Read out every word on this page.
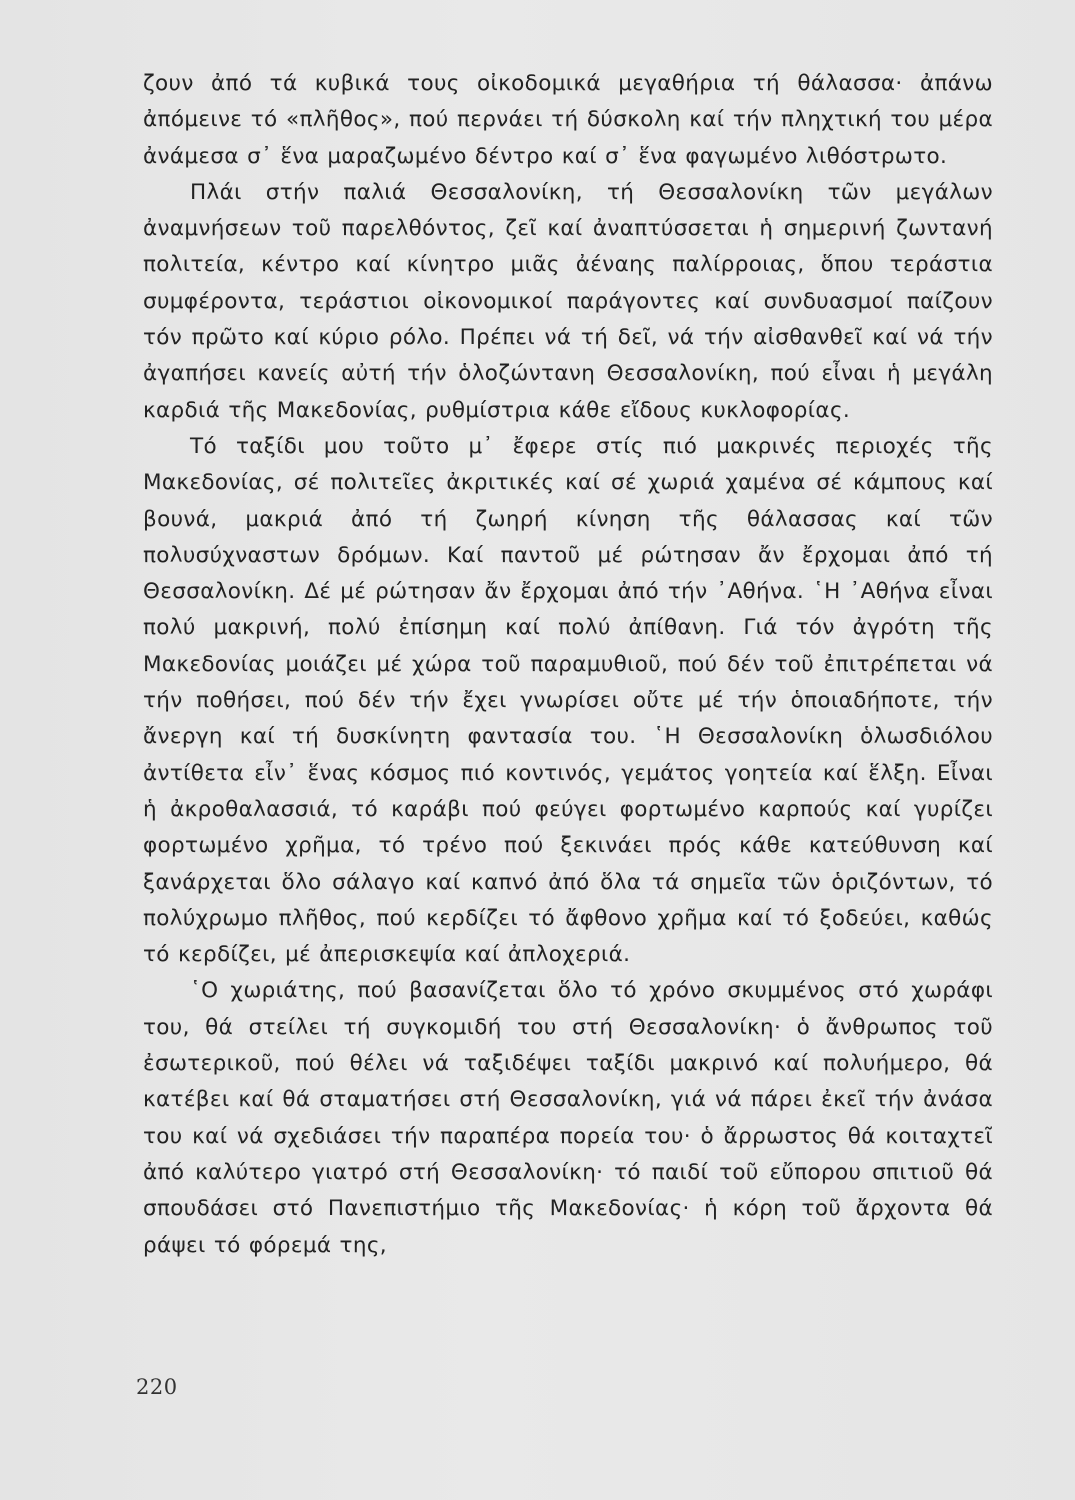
ζουν ἀπό τά κυβικά τους οἰκοδομικά μεγαθήρια τή θάλασσα· ἀπάνω ἀπόμεινε τό «πλῆθος», πού περνάει τή δύσκολη καί τήν πληχτική του μέρα ἀνάμεσα σ᾽ ἕνα μαραζωμένο δέντρο καί σ᾽ ἕνα φαγωμένο λιθόστρωτο.

Πλάι στήν παλιά Θεσσαλονίκη, τή Θεσσαλονίκη τῶν μεγάλων ἀναμνήσεων τοῦ παρελθόντος, ζεῖ καί ἀναπτύσσεται ἡ σημερινή ζωντανή πολιτεία, κέντρο καί κίνητρο μιᾶς ἀέναης παλίρροιας, ὅπου τεράστια συμφέροντα, τεράστιοι οἰκονομικοί παράγοντες καί συνδυασμοί παίζουν τόν πρῶτο καί κύριο ρόλο. Πρέπει νά τή δεῖ, νά τήν αἰσθανθεῖ καί νά τήν ἀγαπήσει κανείς αὐτή τήν ὁλοζώντανη Θεσσαλονίκη, πού εἶναι ἡ μεγάλη καρδιά τῆς Μακεδονίας, ρυθμίστρια κάθε εἴδους κυκλοφορίας.

Τό ταξίδι μου τοῦτο μ᾽ ἔφερε στίς πιό μακρινές περιοχές τῆς Μακεδονίας, σέ πολιτεῖες ἀκριτικές καί σέ χωριά χαμένα σέ κάμπους καί βουνά, μακριά ἀπό τή ζωηρή κίνηση τῆς θάλασσας καί τῶν πολυσύχναστων δρόμων. Καί παντοῦ μέ ρώτησαν ἄν ἔρχομαι ἀπό τή Θεσσαλονίκη. Δέ μέ ρώτησαν ἄν ἔρχομαι ἀπό τήν ᾽Αθήνα. ῾Η ᾽Αθήνα εἶναι πολύ μακρινή, πολύ ἐπίσημη καί πολύ ἀπίθανη. Γιά τόν ἀγρότη τῆς Μακεδονίας μοιάζει μέ χώρα τοῦ παραμυθιοῦ, πού δέν τοῦ ἐπιτρέπεται νά τήν ποθήσει, πού δέν τήν ἔχει γνωρίσει οὔτε μέ τήν ὁποιαδήποτε, τήν ἄνεργη καί τή δυσκίνητη φαντασία του. ῾Η Θεσσαλονίκη ὁλωσδιόλου ἀντίθετα εἶν᾽ ἕνας κόσμος πιό κοντινός, γεμάτος γοητεία καί ἕλξη. Εἶναι ἡ ἀκροθαλασσιά, τό καράβι πού φεύγει φορτωμένο καρπούς καί γυρίζει φορτωμένο χρῆμα, τό τρένο πού ξεκινάει πρός κάθε κατεύθυνση καί ξανάρχεται ὅλο σάλαγο καί καπνό ἀπό ὅλα τά σημεῖα τῶν ὁριζόντων, τό πολύχρωμο πλῆθος, πού κερδίζει τό ἄφθονο χρῆμα καί τό ξοδεύει, καθώς τό κερδίζει, μέ ἀπερισκεψία καί ἀπλοχεριά.

῾Ο χωριάτης, πού βασανίζεται ὅλο τό χρόνο σκυμμένος στό χωράφι του, θά στείλει τή συγκομιδή του στή Θεσσαλονίκη· ὁ ἄνθρωπος τοῦ ἐσωτερικοῦ, πού θέλει νά ταξιδέψει ταξίδι μακρινό καί πολυήμερο, θά κατέβει καί θά σταματήσει στή Θεσσαλονίκη, γιά νά πάρει ἐκεῖ τήν ἀνάσα του καί νά σχεδιάσει τήν παραπέρα πορεία του· ὁ ἄρρωστος θά κοιταχτεῖ ἀπό καλύτερο γιατρό στή Θεσσαλονίκη· τό παιδί τοῦ εὔπορου σπιτιοῦ θά σπουδάσει στό Πανεπιστήμιο τῆς Μακεδονίας· ἡ κόρη τοῦ ἄρχοντα θά ράψει τό φόρεμά της,

220
